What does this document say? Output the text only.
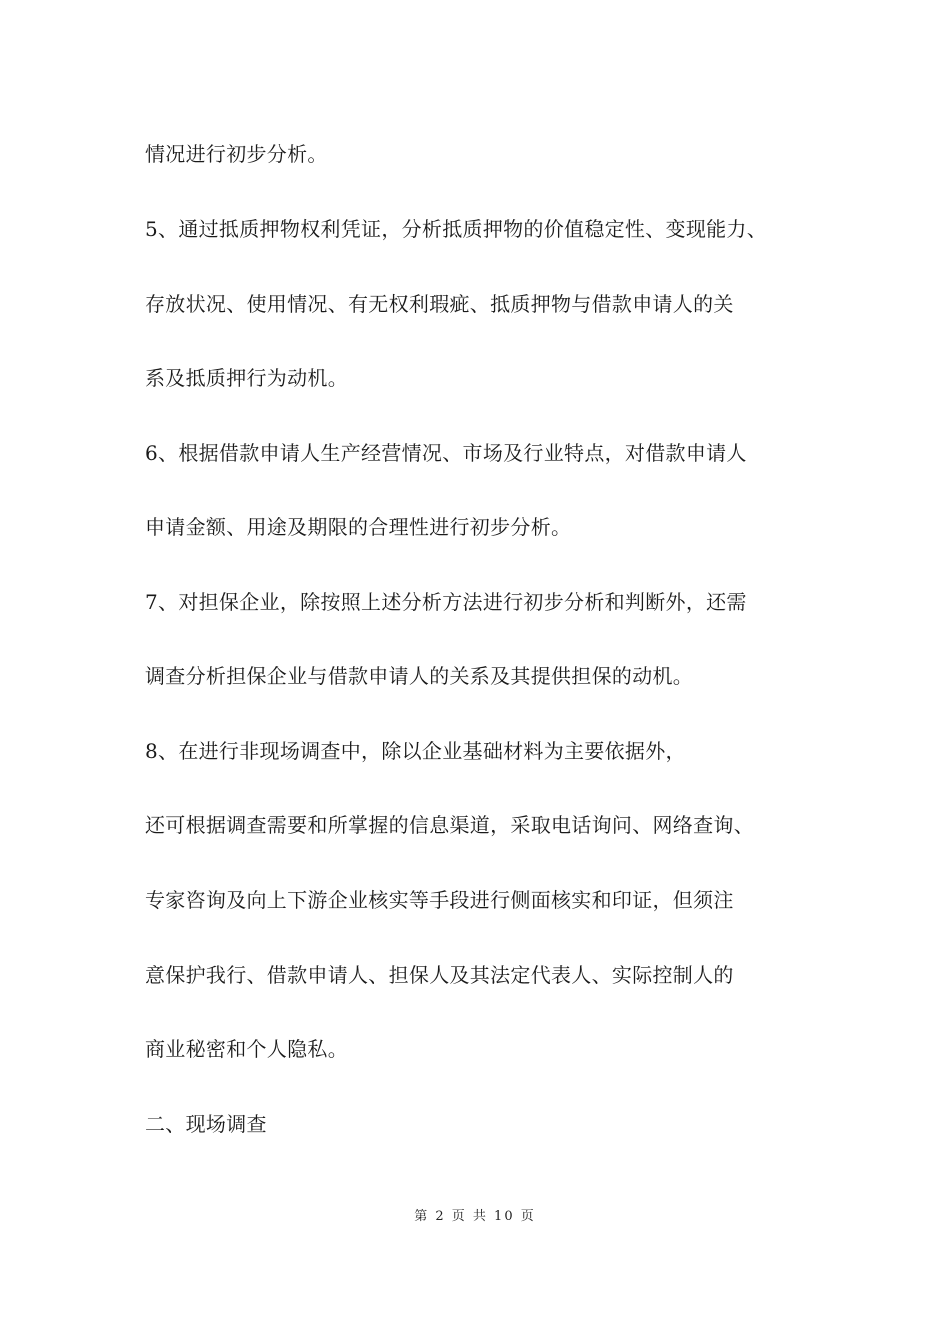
情况进行初步分析。
5、通过抵质押物权利凭证，分析抵质押物的价值稳定性、变现能力、
存放状况、使用情况、有无权利瑕疵、抵质押物与借款申请人的关
系及抵质押行为动机。
6、根据借款申请人生产经营情况、市场及行业特点，对借款申请人
申请金额、用途及期限的合理性进行初步分析。
7、对担保企业，除按照上述分析方法进行初步分析和判断外，还需
调查分析担保企业与借款申请人的关系及其提供担保的动机。
8、在进行非现场调查中，除以企业基础材料为主要依据外，
还可根据调查需要和所掌握的信息渠道，采取电话询问、网络查询、
专家咨询及向上下游企业核实等手段进行侧面核实和印证，但须注
意保护我行、借款申请人、担保人及其法定代表人、实际控制人的
商业秘密和个人隐私。
二、现场调查
第 2 页 共 10 页
